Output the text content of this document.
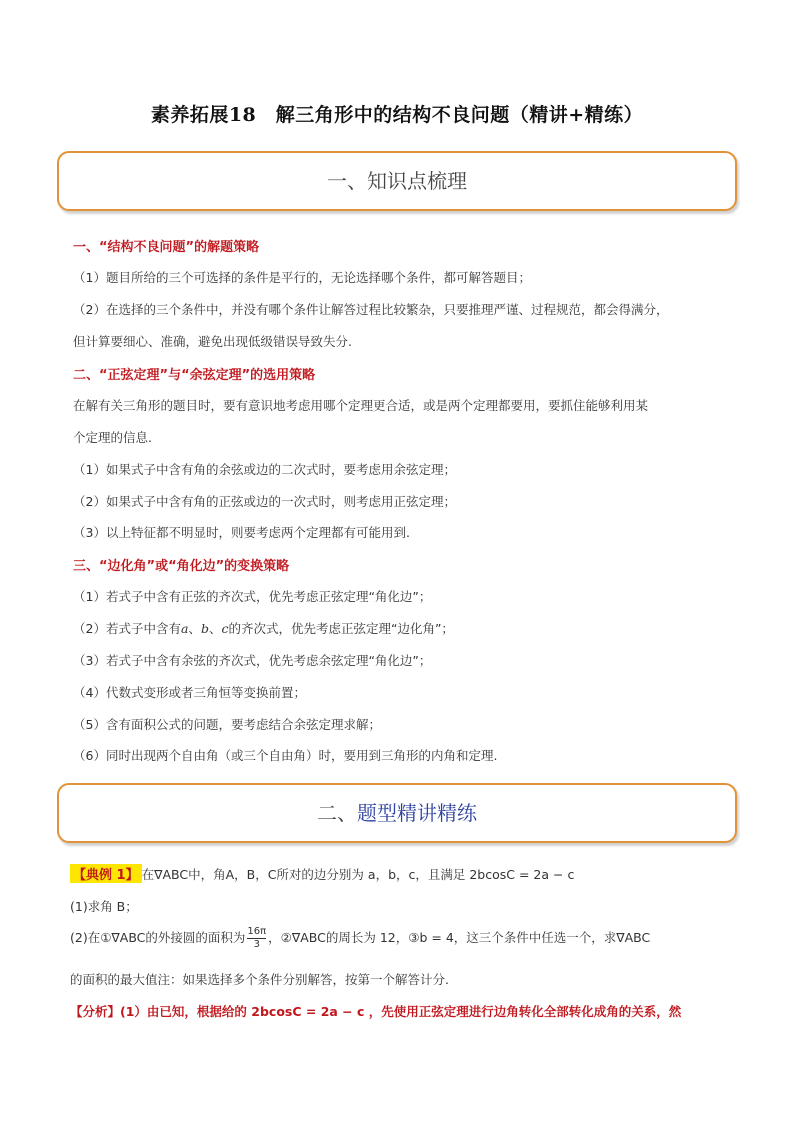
素养拓展18　解三角形中的结构不良问题（精讲+精练）
一、知识点梳理
一、“结构不良问题”的解题策略
（1）题目所给的三个可选择的条件是平行的，无论选择哪个条件，都可解答题目；
（2）在选择的三个条件中，并没有哪个条件让解答过程比较繁杂，只要推理严谨、过程规范，都会得满分，
但计算要细心、准确，避免出现低级错误导致失分.
二、“正弦定理”与“余弦定理”的选用策略
在解有关三角形的题目时，要有意识地考虑用哪个定理更合适，或是两个定理都要用，要抓住能够利用某
个定理的信息.
（1）如果式子中含有角的余弦或边的二次式时，要考虑用余弦定理；
（2）如果式子中含有角的正弦或边的一次式时，则考虑用正弦定理；
（3）以上特征都不明显时，则要考虑两个定理都有可能用到.
三、“边化角”或“角化边”的变换策略
（1）若式子中含有正弦的齐次式，优先考虑正弦定理“角化边”；
（2）若式子中含有a、b、c的齐次式，优先考虑正弦定理“边化角”；
（3）若式子中含有余弦的齐次式，优先考虑余弦定理“角化边”；
（4）代数式变形或者三角恒等变换前置；
（5）含有面积公式的问题，要考虑结合余弦定理求解；
（6）同时出现两个自由角（或三个自由角）时，要用到三角形的内角和定理.
二、题型精讲精练
【典例 1】 在∇ABC中，角A，B，C所对的边分别为 a，b，c，且满足 2bcosC = 2a − c
(1)求角 B；
(2)在①∇ABC的外接圆的面积为 $\frac{16\pi}{3}$ ，②∇ABC的周长为 12，③b = 4，这三个条件中任选一个，求∇ABC
的面积的最大值注：如果选择多个条件分别解答，按第一个解答计分.
【分析】(1）由已知，根据给的 2bcosC = 2a − c ，先使用正弦定理进行边角转化全部转化成角的关系，然
